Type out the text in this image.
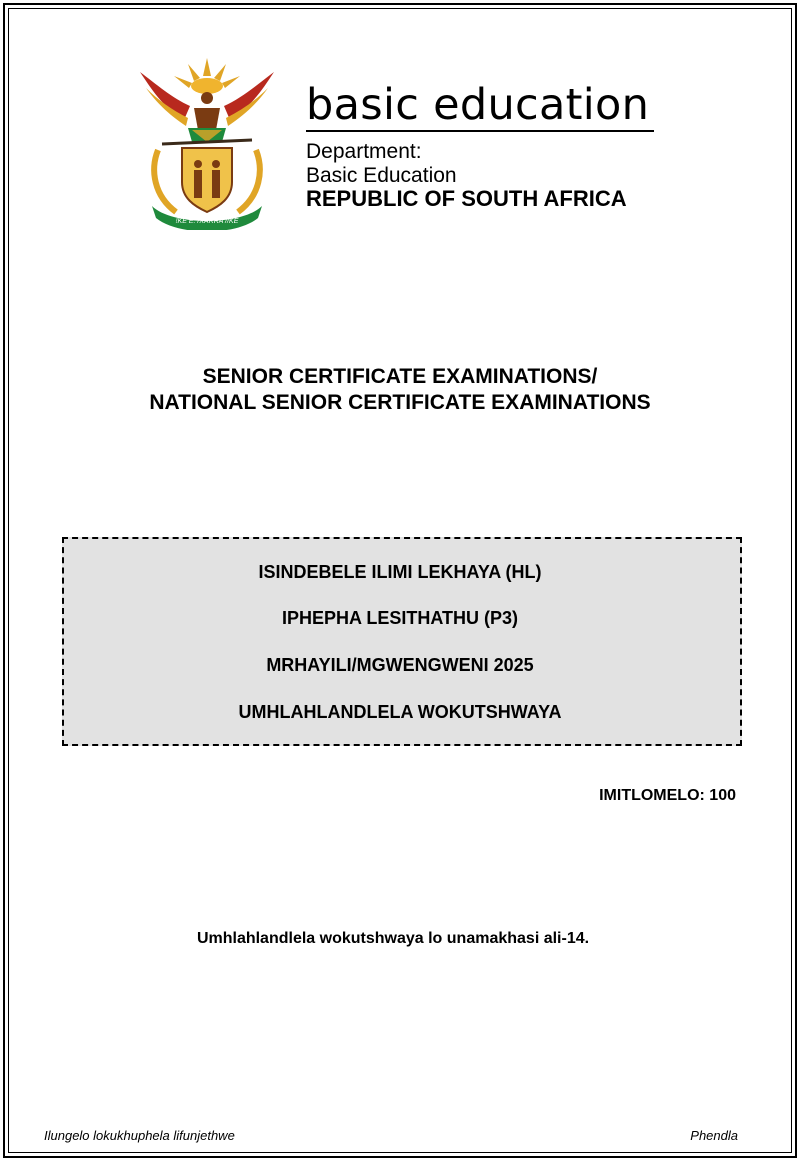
!KE E: /XARRA //KE
basic education
Department:
Basic Education
REPUBLIC OF SOUTH AFRICA
SENIOR CERTIFICATE EXAMINATIONS/
NATIONAL SENIOR CERTIFICATE EXAMINATIONS
ISINDEBELE ILIMI LEKHAYA (HL)
IPHEPHA LESITHATHU (P3)
MRHAYILI/MGWENGWENI 2025
UMHLAHLANDLELA WOKUTSHWAYA
IMITLOMELO: 100
Umhlahlandlela wokutshwaya lo unamakhasi ali-14.
Ilungelo lokukhuphela lifunjethwe	Phendla
